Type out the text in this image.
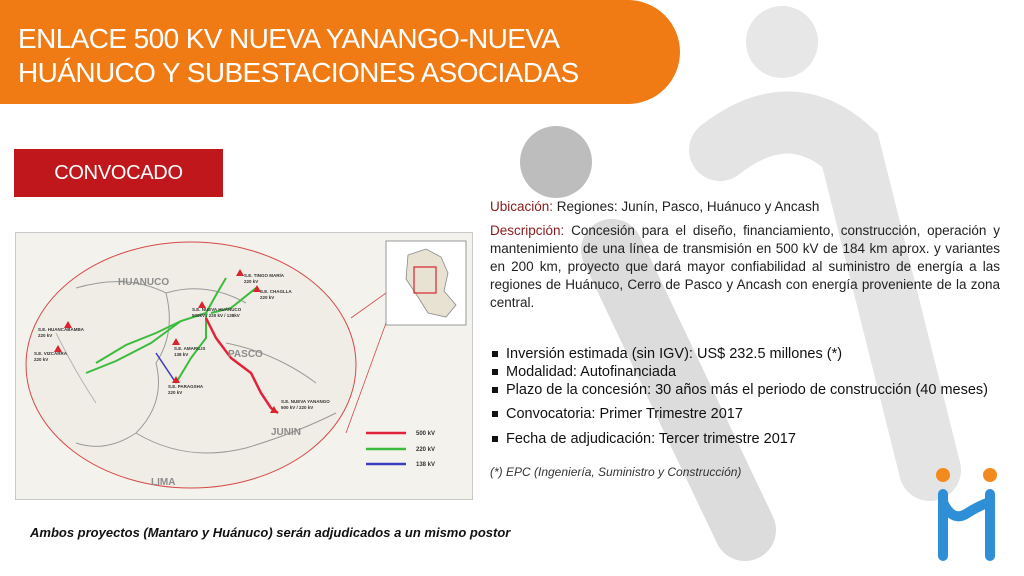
ENLACE 500 KV NUEVA YANANGO-NUEVA HUÁNUCO Y SUBESTACIONES ASOCIADAS
CONVOCADO
S.E. TINGO MARÍA
220 kV
S.E. CHAGLLA
220 kV
S.E. NUEVA HUÁNUCO
500kV / 220 kV / 138kV
S.E. AMARILIS
138 kV
S.E. HUANCABAMBA
220 kV
S.E. VIZCARRA
220 kV
S.E. PARAGSHA
220 kV
S.E. NUEVA YANANGO
500 kV / 220 kV
HUANUCO
PASCO
JUNIN
LIMA
500 kV
220 kV
138 kV

Ubicación: Regiones: Junín, Pasco, Huánuco y Ancash

Descripción: Concesión para el diseño, financiamiento, construcción, operación y mantenimiento de una línea de transmisión en 500 kV de 184 km aprox. y variantes en 200 km, proyecto que dará mayor confiabilidad al suministro de energía a las regiones de Huánuco, Cerro de Pasco y Ancash con energía proveniente de la zona central.

Inversión estimada (sin IGV): US$ 232.5 millones (*)
Modalidad: Autofinanciada
Plazo de la concesión: 30 años más el periodo de construcción (40 meses)
Convocatoria: Primer Trimestre 2017
Fecha de adjudicación: Tercer trimestre 2017
(*) EPC (Ingeniería, Suministro y Construcción)
Ambos proyectos (Mantaro y Huánuco) serán adjudicados a un mismo postor
